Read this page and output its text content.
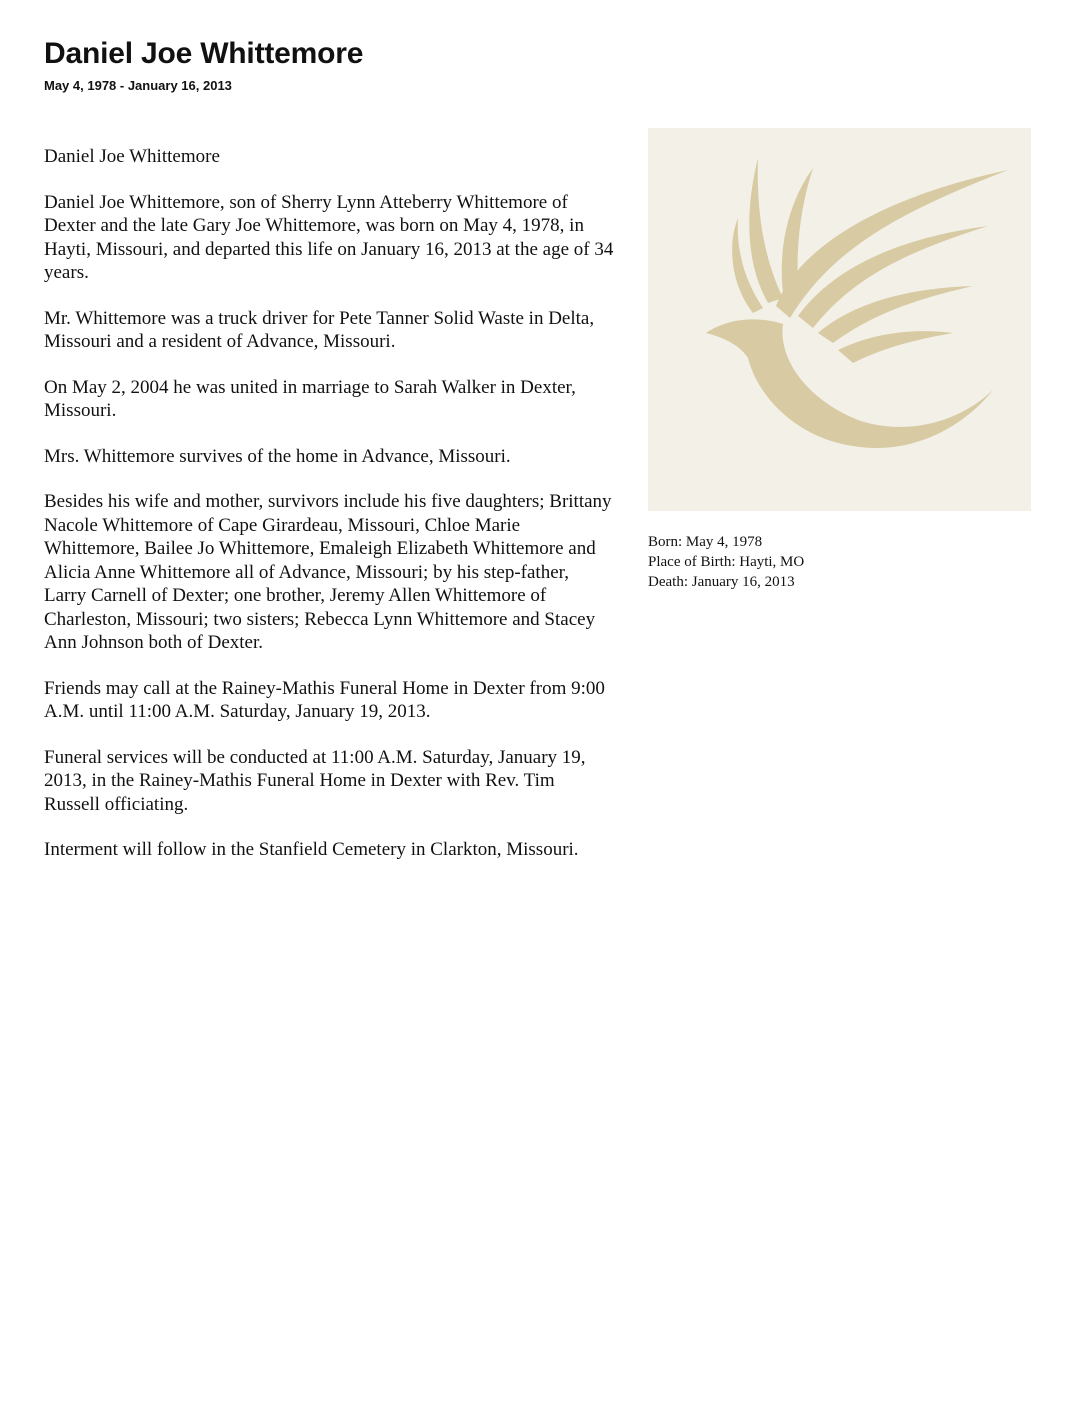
Daniel Joe Whittemore
May 4, 1978 - January 16, 2013

Daniel Joe Whittemore

Daniel Joe Whittemore, son of Sherry Lynn Atteberry Whittemore of Dexter and the late Gary Joe Whittemore, was born on May 4, 1978, in Hayti, Missouri, and departed this life on January 16, 2013 at the age of 34 years.

Mr. Whittemore was a truck driver for Pete Tanner Solid Waste in Delta, Missouri and a resident of Advance, Missouri.

On May 2, 2004 he was united in marriage to Sarah Walker in Dexter, Missouri.

Mrs. Whittemore survives of the home in Advance, Missouri.

Besides his wife and mother, survivors include his five daughters; Brittany Nacole Whittemore of Cape Girardeau, Missouri, Chloe Marie Whittemore, Bailee Jo Whittemore, Emaleigh Elizabeth Whittemore and Alicia Anne Whittemore all of Advance, Missouri; by his step-father, Larry Carnell of Dexter; one brother, Jeremy Allen Whittemore of Charleston, Missouri; two sisters; Rebecca Lynn Whittemore and Stacey Ann Johnson both of Dexter.

Friends may call at the Rainey-Mathis Funeral Home in Dexter from 9:00 A.M. until 11:00 A.M. Saturday, January 19, 2013.

Funeral services will be conducted at 11:00 A.M. Saturday, January 19, 2013, in the Rainey-Mathis Funeral Home in Dexter with Rev. Tim Russell officiating.

Interment will follow in the Stanfield Cemetery in Clarkton, Missouri.

Born: May 4, 1978
Place of Birth: Hayti, MO
Death: January 16, 2013
